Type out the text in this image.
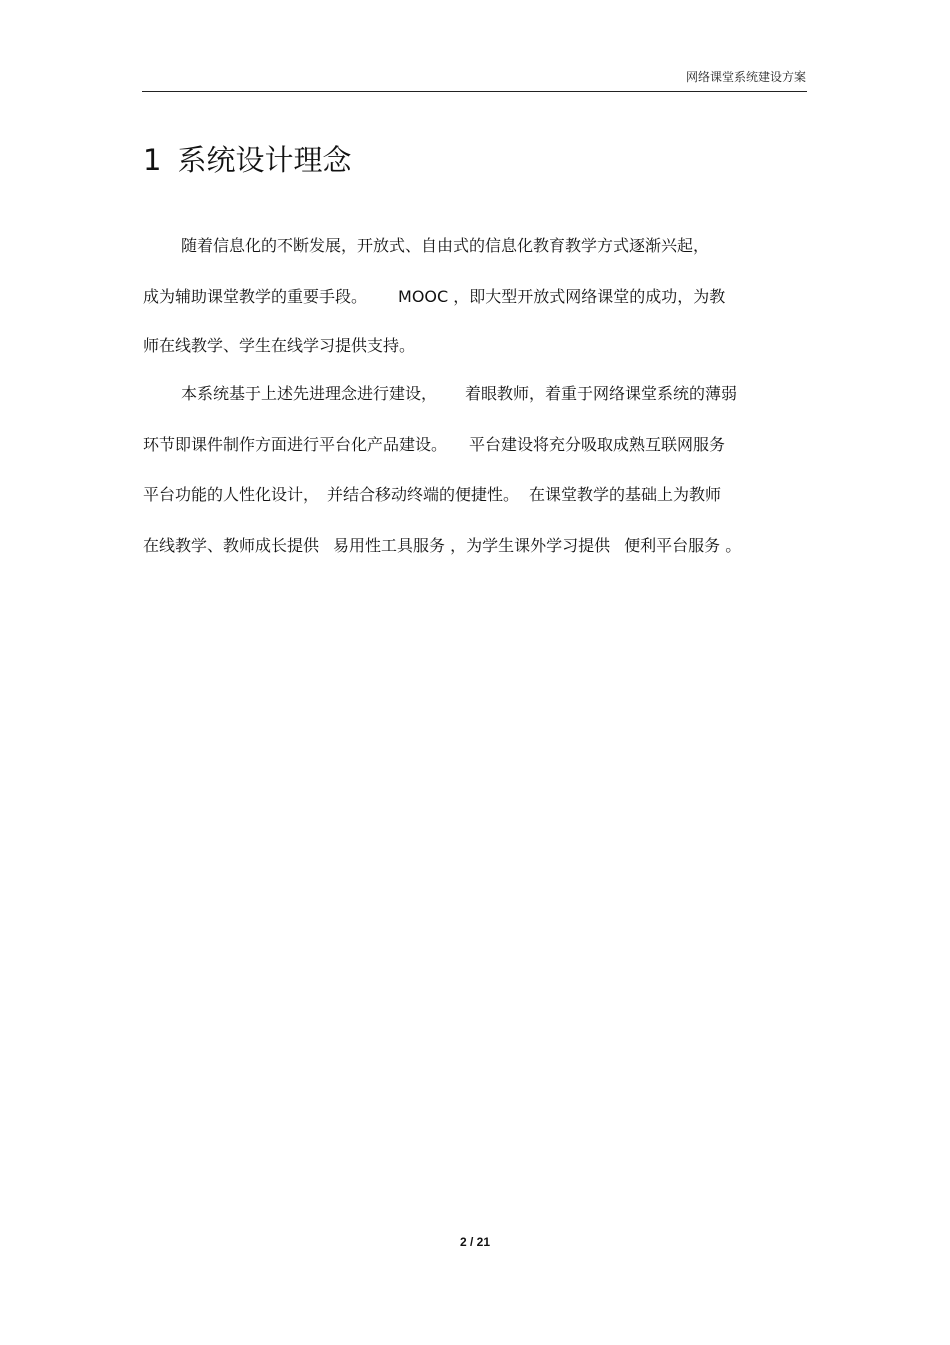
网络课堂系统建设方案
1 系统设计理念
随着信息化的不断发展，开放式、自由式的信息化教育教学方式逐渐兴起，
成为辅助课堂教学的重要手段。 MOOC ，即大型开放式网络课堂的成功，为教
师在线教学、学生在线学习提供支持。
本系统基于上述先进理念进行建设， 着眼教师，着重于网络课堂系统的薄弱
环节即课件制作方面进行平台化产品建设。 平台建设将充分吸取成熟互联网服务
平台功能的人性化设计， 并结合移动终端的便捷性。 在课堂教学的基础上为教师
在线教学、教师成长提供 易用性工具服务 ，为学生课外学习提供 便利平台服务 。
2 / 21
